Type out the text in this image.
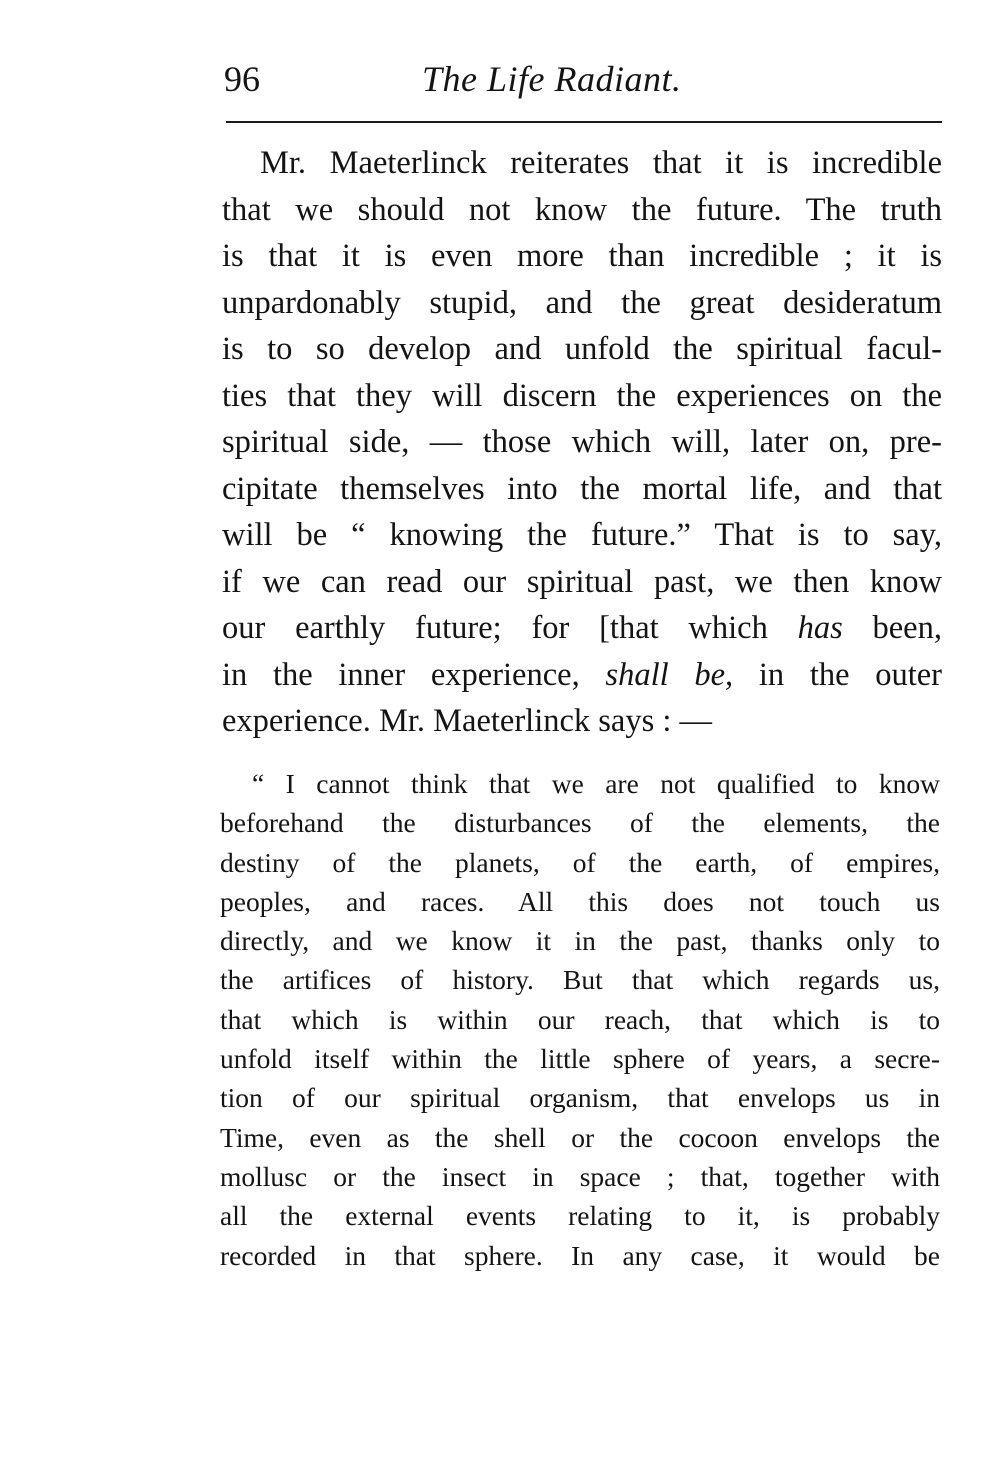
96	The Life Radiant.
Mr. Maeterlinck reiterates that it is incredible
that we should not know the future. The truth
is that it is even more than incredible ; it is
unpardonably stupid, and the great desideratum
is to so develop and unfold the spiritual facul-
ties that they will discern the experiences on the
spiritual side, — those which will, later on, pre-
cipitate themselves into the mortal life, and that
will be “ knowing the future.” That is to say,
if we can read our spiritual past, we then know
our earthly future; for [that which has been,
in the inner experience, shall be, in the outer
experience. Mr. Maeterlinck says : —
“ I cannot think that we are not qualified to know
beforehand the disturbances of the elements, the
destiny of the planets, of the earth, of empires,
peoples, and races. All this does not touch us
directly, and we know it in the past, thanks only to
the artifices of history. But that which regards us,
that which is within our reach, that which is to
unfold itself within the little sphere of years, a secre-
tion of our spiritual organism, that envelops us in
Time, even as the shell or the cocoon envelops the
mollusc or the insect in space ; that, together with
all the external events relating to it, is probably
recorded in that sphere. In any case, it would be
